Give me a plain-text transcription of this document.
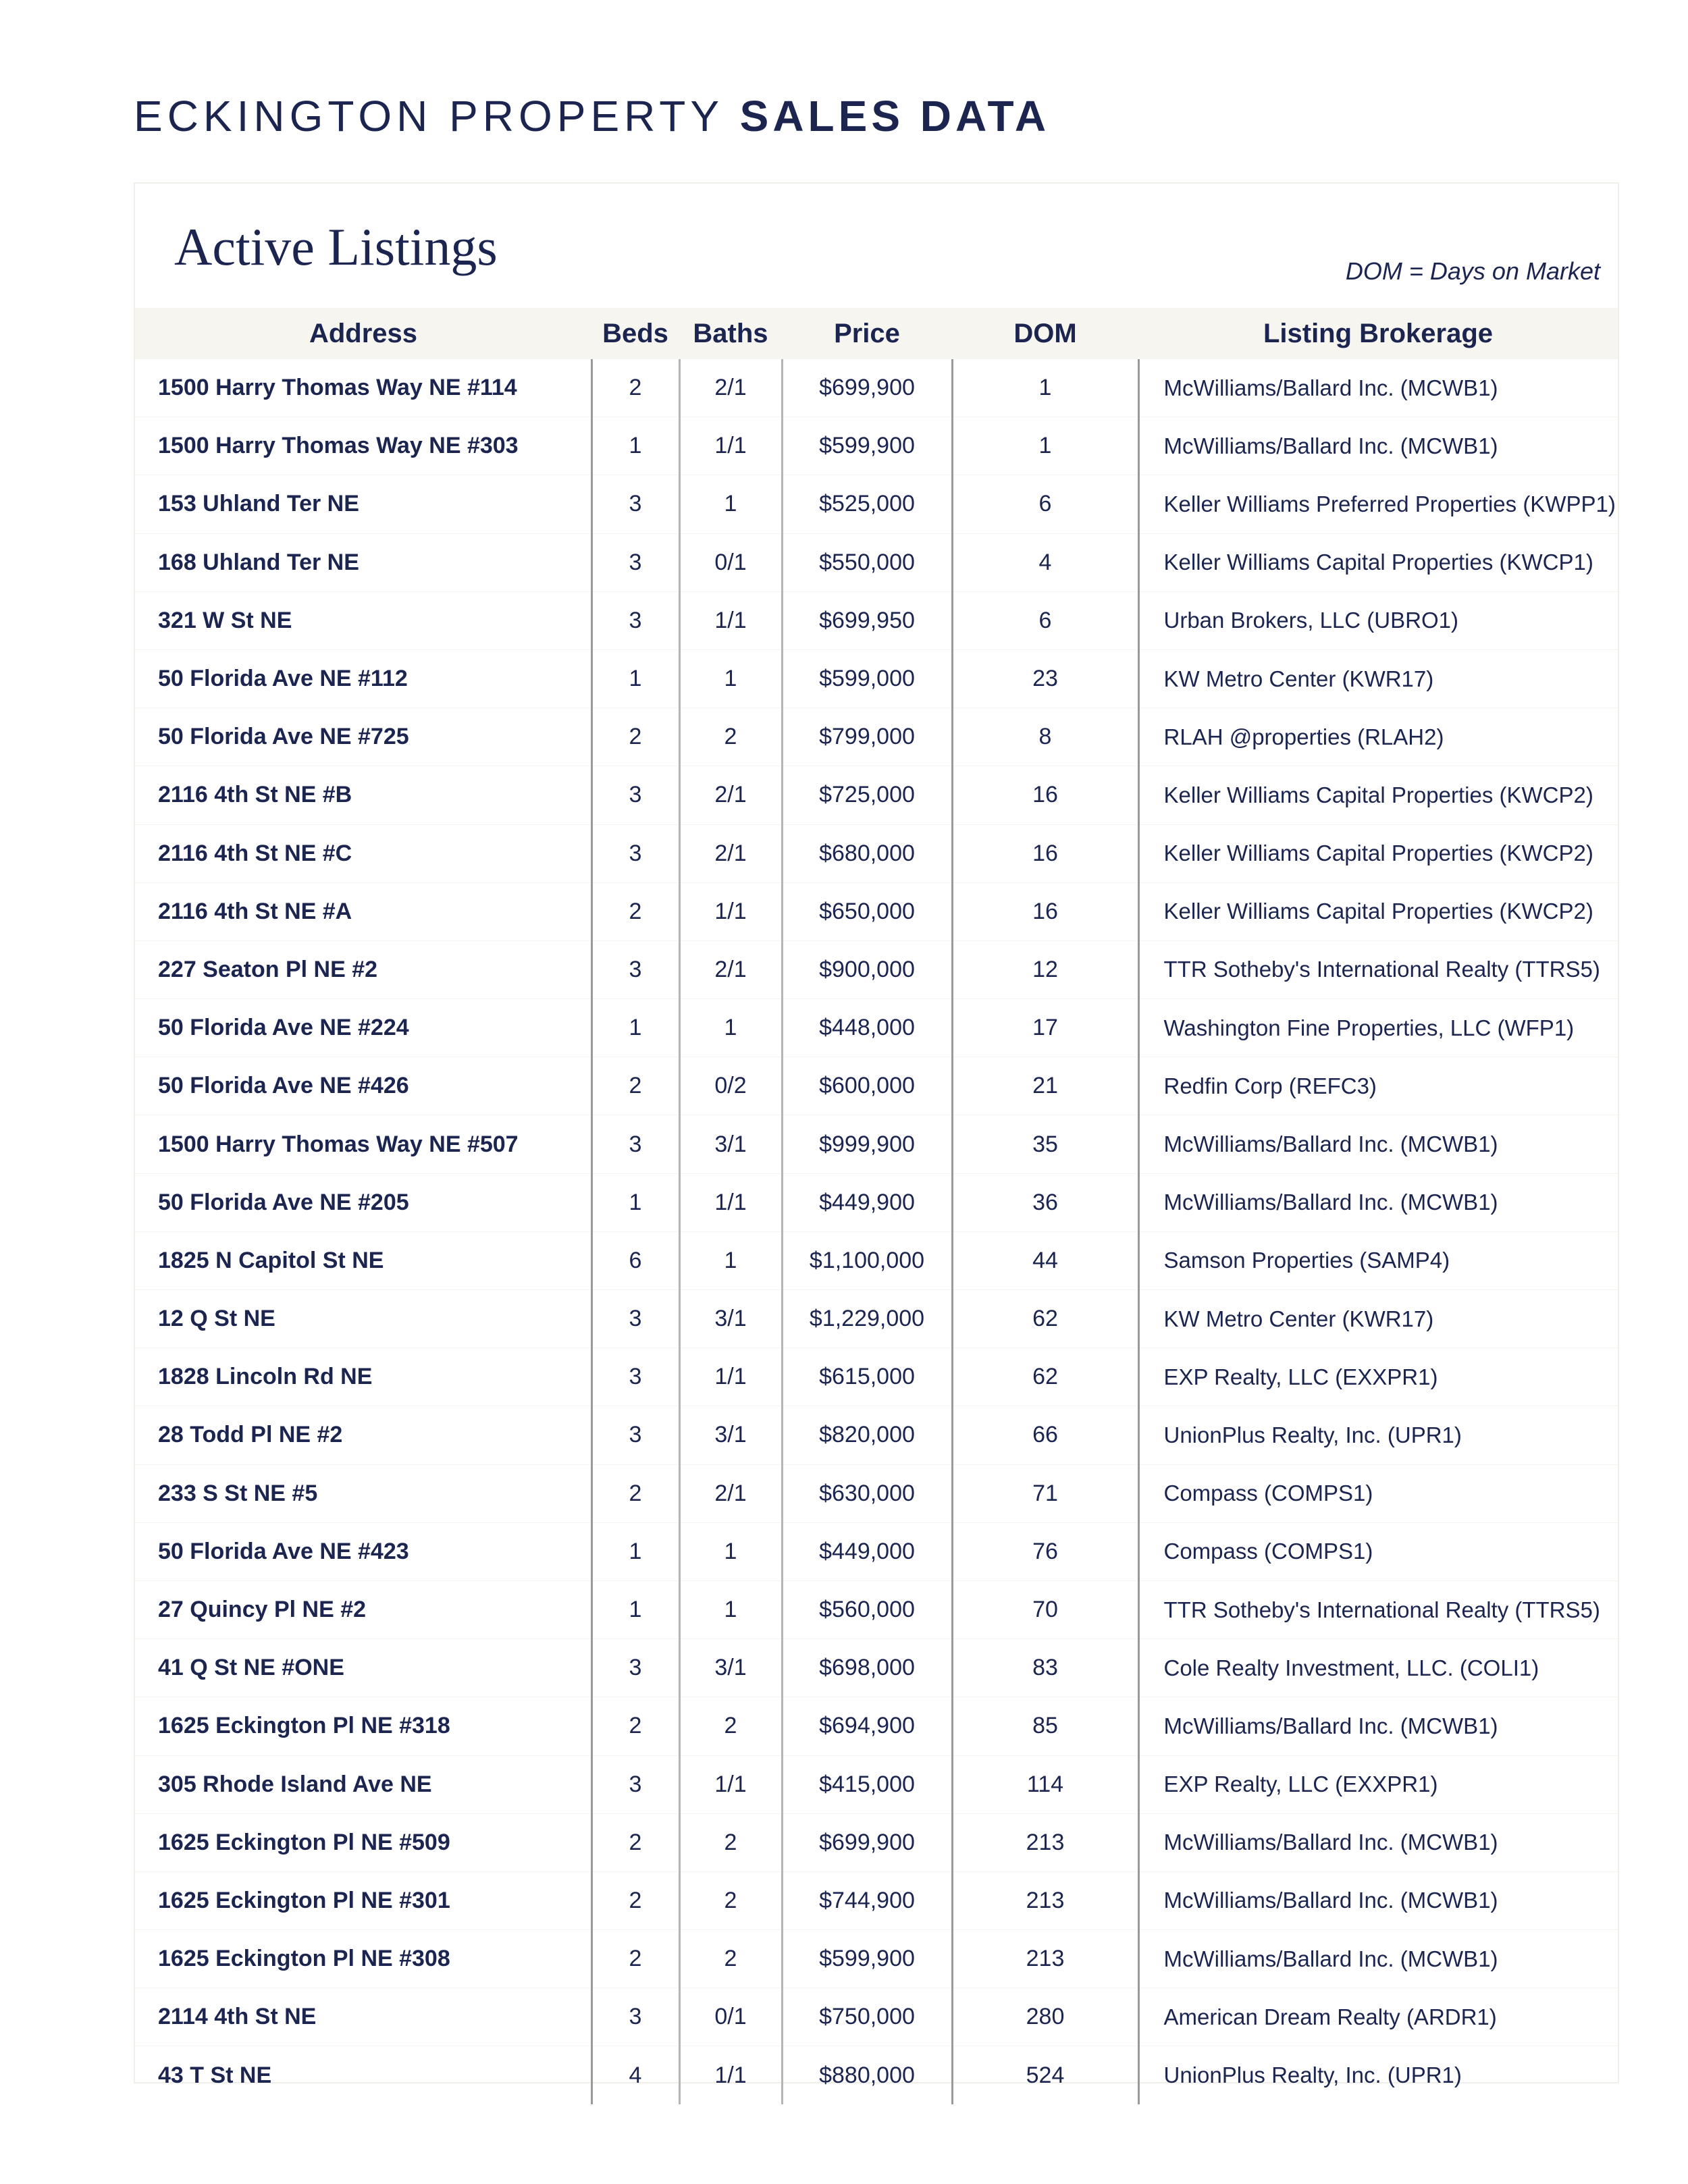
ECKINGTON PROPERTY SALES DATA
Active Listings	DOM = Days on Market
Address	Beds	Baths	Price	DOM	Listing Brokerage
1500 Harry Thomas Way NE #114	2	2/1	$699,900	1	McWilliams/Ballard Inc. (MCWB1)
1500 Harry Thomas Way NE #303	1	1/1	$599,900	1	McWilliams/Ballard Inc. (MCWB1)
153 Uhland Ter NE	3	1	$525,000	6	Keller Williams Preferred Properties (KWPP1)
168 Uhland Ter NE	3	0/1	$550,000	4	Keller Williams Capital Properties (KWCP1)
321 W St NE	3	1/1	$699,950	6	Urban Brokers, LLC (UBRO1)
50 Florida Ave NE #112	1	1	$599,000	23	KW Metro Center (KWR17)
50 Florida Ave NE #725	2	2	$799,000	8	RLAH @properties (RLAH2)
2116 4th St NE #B	3	2/1	$725,000	16	Keller Williams Capital Properties (KWCP2)
2116 4th St NE #C	3	2/1	$680,000	16	Keller Williams Capital Properties (KWCP2)
2116 4th St NE #A	2	1/1	$650,000	16	Keller Williams Capital Properties (KWCP2)
227 Seaton Pl NE #2	3	2/1	$900,000	12	TTR Sotheby's International Realty (TTRS5)
50 Florida Ave NE #224	1	1	$448,000	17	Washington Fine Properties, LLC (WFP1)
50 Florida Ave NE #426	2	0/2	$600,000	21	Redfin Corp (REFC3)
1500 Harry Thomas Way NE #507	3	3/1	$999,900	35	McWilliams/Ballard Inc. (MCWB1)
50 Florida Ave NE #205	1	1/1	$449,900	36	McWilliams/Ballard Inc. (MCWB1)
1825 N Capitol St NE	6	1	$1,100,000	44	Samson Properties (SAMP4)
12 Q St NE	3	3/1	$1,229,000	62	KW Metro Center (KWR17)
1828 Lincoln Rd NE	3	1/1	$615,000	62	EXP Realty, LLC (EXXPR1)
28 Todd Pl NE #2	3	3/1	$820,000	66	UnionPlus Realty, Inc. (UPR1)
233 S St NE #5	2	2/1	$630,000	71	Compass (COMPS1)
50 Florida Ave NE #423	1	1	$449,000	76	Compass (COMPS1)
27 Quincy Pl NE #2	1	1	$560,000	70	TTR Sotheby's International Realty (TTRS5)
41 Q St NE #ONE	3	3/1	$698,000	83	Cole Realty Investment, LLC. (COLI1)
1625 Eckington Pl NE #318	2	2	$694,900	85	McWilliams/Ballard Inc. (MCWB1)
305 Rhode Island Ave NE	3	1/1	$415,000	114	EXP Realty, LLC (EXXPR1)
1625 Eckington Pl NE #509	2	2	$699,900	213	McWilliams/Ballard Inc. (MCWB1)
1625 Eckington Pl NE #301	2	2	$744,900	213	McWilliams/Ballard Inc. (MCWB1)
1625 Eckington Pl NE #308	2	2	$599,900	213	McWilliams/Ballard Inc. (MCWB1)
2114 4th St NE	3	0/1	$750,000	280	American Dream Realty (ARDR1)
43 T St NE	4	1/1	$880,000	524	UnionPlus Realty, Inc. (UPR1)
